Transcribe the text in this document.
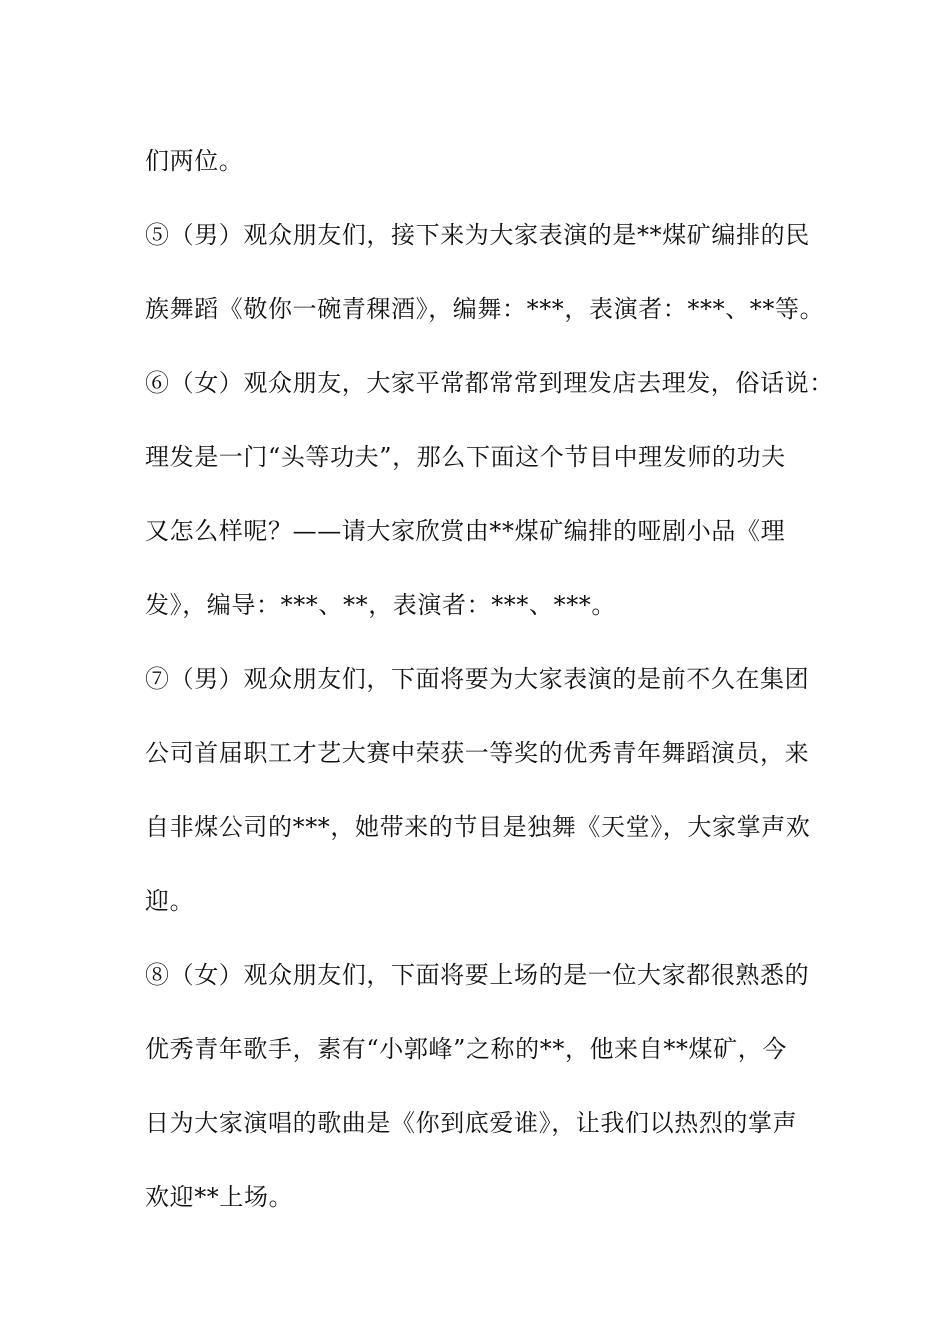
们两位。
⑤（男）观众朋友们，接下来为大家表演的是**煤矿编排的民
族舞蹈《敬你一碗青稞酒》，编舞：***，表演者：***、**等。
⑥（女）观众朋友，大家平常都常常到理发店去理发，俗话说：
理发是一门“头等功夫”，那么下面这个节目中理发师的功夫
又怎么样呢？——请大家欣赏由**煤矿编排的哑剧小品《理
发》，编导：***、**，表演者：***、***。
⑦（男）观众朋友们，下面将要为大家表演的是前不久在集团
公司首届职工才艺大赛中荣获一等奖的优秀青年舞蹈演员，来
自非煤公司的***，她带来的节目是独舞《天堂》，大家掌声欢
迎。
⑧（女）观众朋友们，下面将要上场的是一位大家都很熟悉的
优秀青年歌手，素有“小郭峰”之称的**，他来自**煤矿，今
日为大家演唱的歌曲是《你到底爱谁》，让我们以热烈的掌声
欢迎**上场。
